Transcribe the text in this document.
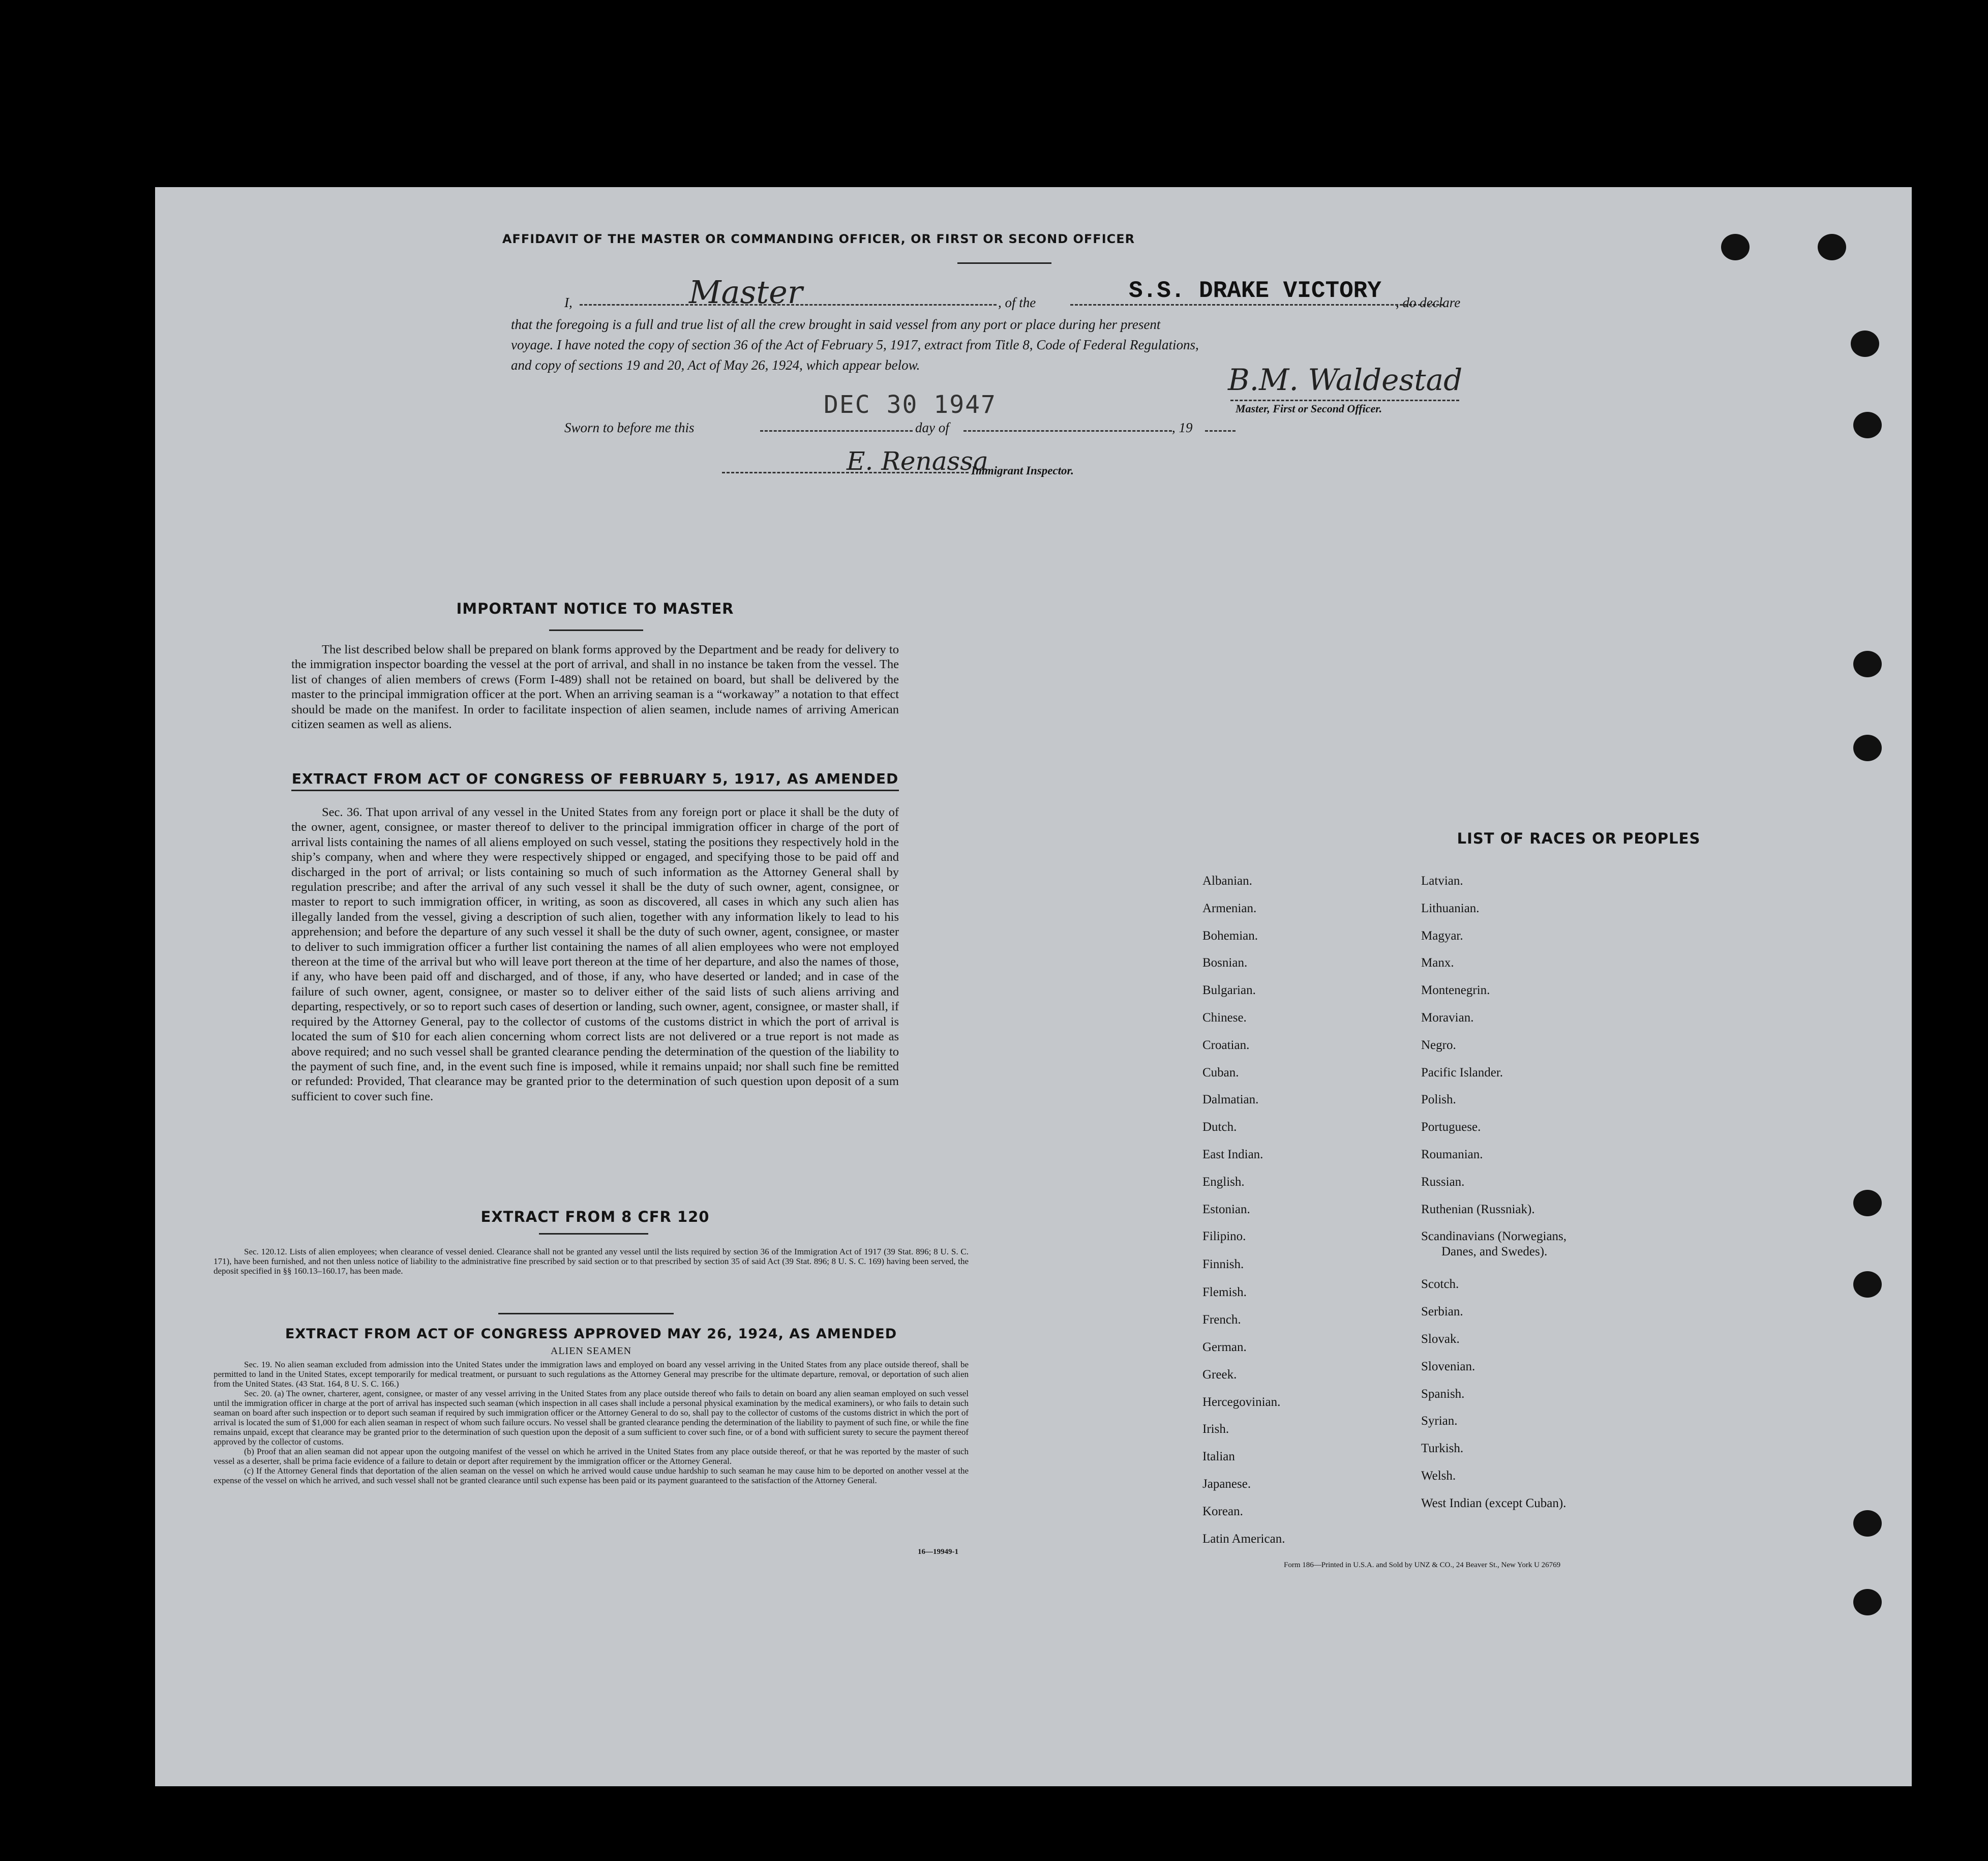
AFFIDAVIT OF THE MASTER OR COMMANDING OFFICER, OR FIRST OR SECOND OFFICER
I,	Master	, of the	S.S. DRAKE VICTORY , do declare
that the foregoing is a full and true list of all the crew brought in said vessel from any port or place during her present
voyage. I have noted the copy of section 36 of the Act of February 5, 1917, extract from Title 8, Code of Federal Regulations,
and copy of sections 19 and 20, Act of May 26, 1924, which appear below.	B.M. Waldestad
Master, First or Second Officer.
DEC 30 1947
Sworn to before me this	day of	, 19
E. Renassa
Immigrant Inspector.
IMPORTANT NOTICE TO MASTER
The list described below shall be prepared on blank forms approved by the Department and be ready for delivery to the immigration inspector boarding the vessel at the port of arrival, and shall in no instance be taken from the vessel. The list of changes of alien members of crews (Form I-489) shall not be retained on board, but shall be delivered by the master to the principal immigration officer at the port. When an arriving seaman is a “workaway” a notation to that effect should be made on the manifest. In order to facilitate inspection of alien seamen, include names of arriving American citizen seamen as well as aliens.
EXTRACT FROM ACT OF CONGRESS OF FEBRUARY 5, 1917, AS AMENDED
Sec. 36. That upon arrival of any vessel in the United States from any foreign port or place it shall be the duty of the owner, agent, consignee, or master thereof to deliver to the principal immigration officer in charge of the port of arrival lists containing the names of all aliens employed on such vessel, stating the positions they respectively hold in the ship’s company, when and where they were respectively shipped or engaged, and specifying those to be paid off and discharged in the port of arrival; or lists containing so much of such information as the Attorney General shall by regulation prescribe; and after the arrival of any such vessel it shall be the duty of such owner, agent, consignee, or master to report to such immigration officer, in writing, as soon as discovered, all cases in which any such alien has illegally landed from the vessel, giving a description of such alien, together with any information likely to lead to his apprehension; and before the departure of any such vessel it shall be the duty of such owner, agent, consignee, or master to deliver to such immigration officer a further list containing the names of all alien employees who were not employed thereon at the time of the arrival but who will leave port thereon at the time of her departure, and also the names of those, if any, who have been paid off and discharged, and of those, if any, who have deserted or landed; and in case of the failure of such owner, agent, consignee, or master so to deliver either of the said lists of such aliens arriving and departing, respectively, or so to report such cases of desertion or landing, such owner, agent, consignee, or master shall, if required by the Attorney General, pay to the collector of customs of the customs district in which the port of arrival is located the sum of $10 for each alien concerning whom correct lists are not delivered or a true report is not made as above required; and no such vessel shall be granted clearance pending the determination of the question of the liability to the payment of such fine, and, in the event such fine is imposed, while it remains unpaid; nor shall such fine be remitted or refunded: Provided, That clearance may be granted prior to the determination of such question upon deposit of a sum sufficient to cover such fine.
EXTRACT FROM 8 CFR 120
Sec. 120.12. Lists of alien employees; when clearance of vessel denied. Clearance shall not be granted any vessel until the lists required by section 36 of the Immigration Act of 1917 (39 Stat. 896; 8 U. S. C. 171), have been furnished, and not then unless notice of liability to the administrative fine prescribed by said section or to that prescribed by section 35 of said Act (39 Stat. 896; 8 U. S. C. 169) having been served, the deposit specified in §§ 160.13–160.17, has been made.
EXTRACT FROM ACT OF CONGRESS APPROVED MAY 26, 1924, AS AMENDED
ALIEN SEAMEN
Sec. 19. No alien seaman excluded from admission into the United States under the immigration laws and employed on board any vessel arriving in the United States from any place outside thereof, shall be permitted to land in the United States, except temporarily for medical treatment, or pursuant to such regulations as the Attorney General may prescribe for the ultimate departure, removal, or deportation of such alien from the United States. (43 Stat. 164, 8 U. S. C. 166.)
Sec. 20. (a) The owner, charterer, agent, consignee, or master of any vessel arriving in the United States from any place outside thereof who fails to detain on board any alien seaman employed on such vessel until the immigration officer in charge at the port of arrival has inspected such seaman (which inspection in all cases shall include a personal physical examination by the medical examiners), or who fails to detain such seaman on board after such inspection or to deport such seaman if required by such immigration officer or the Attorney General to do so, shall pay to the collector of customs of the customs district in which the port of arrival is located the sum of $1,000 for each alien seaman in respect of whom such failure occurs. No vessel shall be granted clearance pending the determination of the liability to payment of such fine, or while the fine remains unpaid, except that clearance may be granted prior to the determination of such question upon the deposit of a sum sufficient to cover such fine, or of a bond with sufficient surety to secure the payment thereof approved by the collector of customs.
(b) Proof that an alien seaman did not appear upon the outgoing manifest of the vessel on which he arrived in the United States from any place outside thereof, or that he was reported by the master of such vessel as a deserter, shall be prima facie evidence of a failure to detain or deport after requirement by the immigration officer or the Attorney General.
(c) If the Attorney General finds that deportation of the alien seaman on the vessel on which he arrived would cause undue hardship to such seaman he may cause him to be deported on another vessel at the expense of the vessel on which he arrived, and such vessel shall not be granted clearance until such expense has been paid or its payment guaranteed to the satisfaction of the Attorney General.
16—19949-1
LIST OF RACES OR PEOPLES
Albanian.
Armenian.
Bohemian.
Bosnian.
Bulgarian.
Chinese.
Croatian.
Cuban.
Dalmatian.
Dutch.
East Indian.
English.
Estonian.
Filipino.
Finnish.
Flemish.
French.
German.
Greek.
Hercegovinian.
Irish.
Italian
Japanese.
Korean.
Latin American.
Latvian.
Lithuanian.
Magyar.
Manx.
Montenegrin.
Moravian.
Negro.
Pacific Islander.
Polish.
Portuguese.
Roumanian.
Russian.
Ruthenian (Russniak).
Scandinavians (Norwegians,
Danes, and Swedes).
Scotch.
Serbian.
Slovak.
Slovenian.
Spanish.
Syrian.
Turkish.
Welsh.
West Indian (except Cuban).
Form 186—Printed in U.S.A. and Sold by UNZ & CO., 24 Beaver St., New York U 26769
